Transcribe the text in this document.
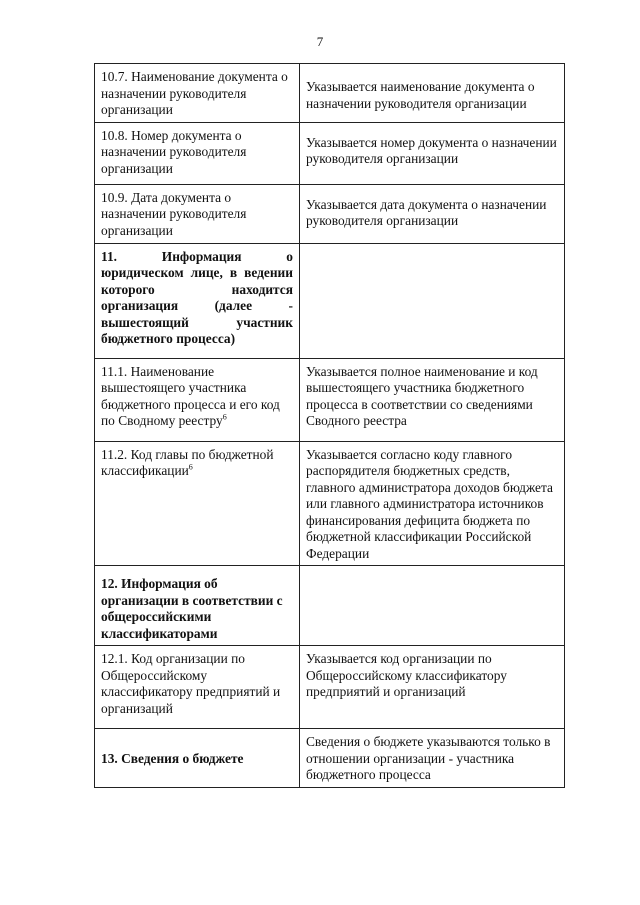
7
10.7. Наименование документа о назначении руководителя организации	Указывается наименование документа о назначении руководителя организации
10.8. Номер документа о назначении руководителя организации	Указывается номер документа о назначении руководителя организации
10.9. Дата документа о назначении руководителя организации	Указывается дата документа о назначении руководителя организации
11. Информация о юридическом лице, в ведении которого находится организация (далее - вышестоящий участник бюджетного процесса)	
11.1. Наименование вышестоящего участника бюджетного процесса и его код по Сводному реестру$^6$	Указывается полное наименование и код вышестоящего участника бюджетного процесса в соответствии со сведениями Сводного реестра
11.2. Код главы по бюджетной классификации$^6$	Указывается согласно коду главного распорядителя бюджетных средств, главного администратора доходов бюджета или главного администратора источников финансирования дефицита бюджета по бюджетной классификации Российской Федерации
12. Информация об организации в соответствии с общероссийскими классификаторами	
12.1. Код организации по Общероссийскому классификатору предприятий и организаций	Указывается код организации по Общероссийскому классификатору предприятий и организаций
13. Сведения о бюджете	Сведения о бюджете указываются только в отношении организации - участника бюджетного процесса
